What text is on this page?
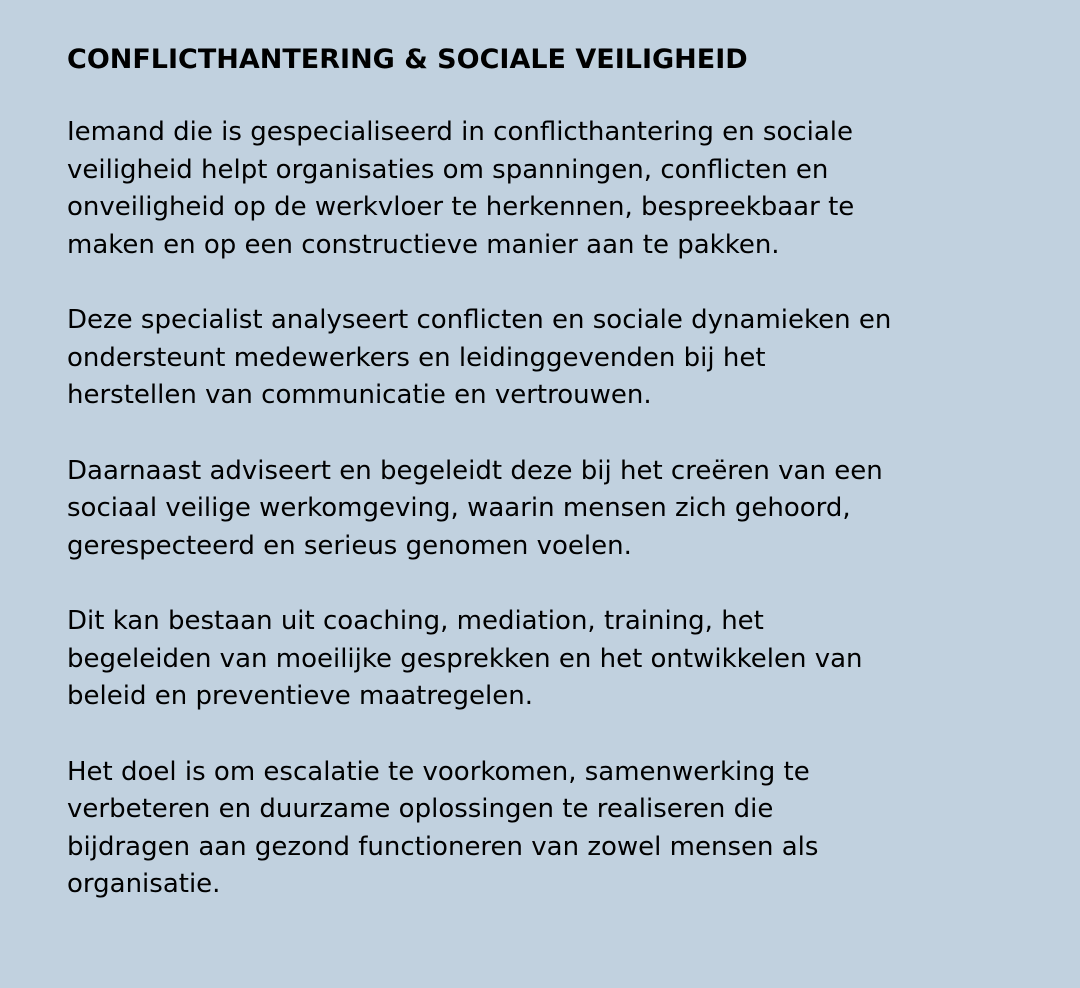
CONFLICTHANTERING & SOCIALE VEILIGHEID

Iemand die is gespecialiseerd in conflicthantering en sociale
veiligheid helpt organisaties om spanningen, conflicten en
onveiligheid op de werkvloer te herkennen, bespreekbaar te
maken en op een constructieve manier aan te pakken.

Deze specialist analyseert conflicten en sociale dynamieken en
ondersteunt medewerkers en leidinggevenden bij het
herstellen van communicatie en vertrouwen.

Daarnaast adviseert en begeleidt deze bij het creëren van een
sociaal veilige werkomgeving, waarin mensen zich gehoord,
gerespecteerd en serieus genomen voelen.

Dit kan bestaan uit coaching, mediation, training, het
begeleiden van moeilijke gesprekken en het ontwikkelen van
beleid en preventieve maatregelen.

Het doel is om escalatie te voorkomen, samenwerking te
verbeteren en duurzame oplossingen te realiseren die
bijdragen aan gezond functioneren van zowel mensen als
organisatie.
